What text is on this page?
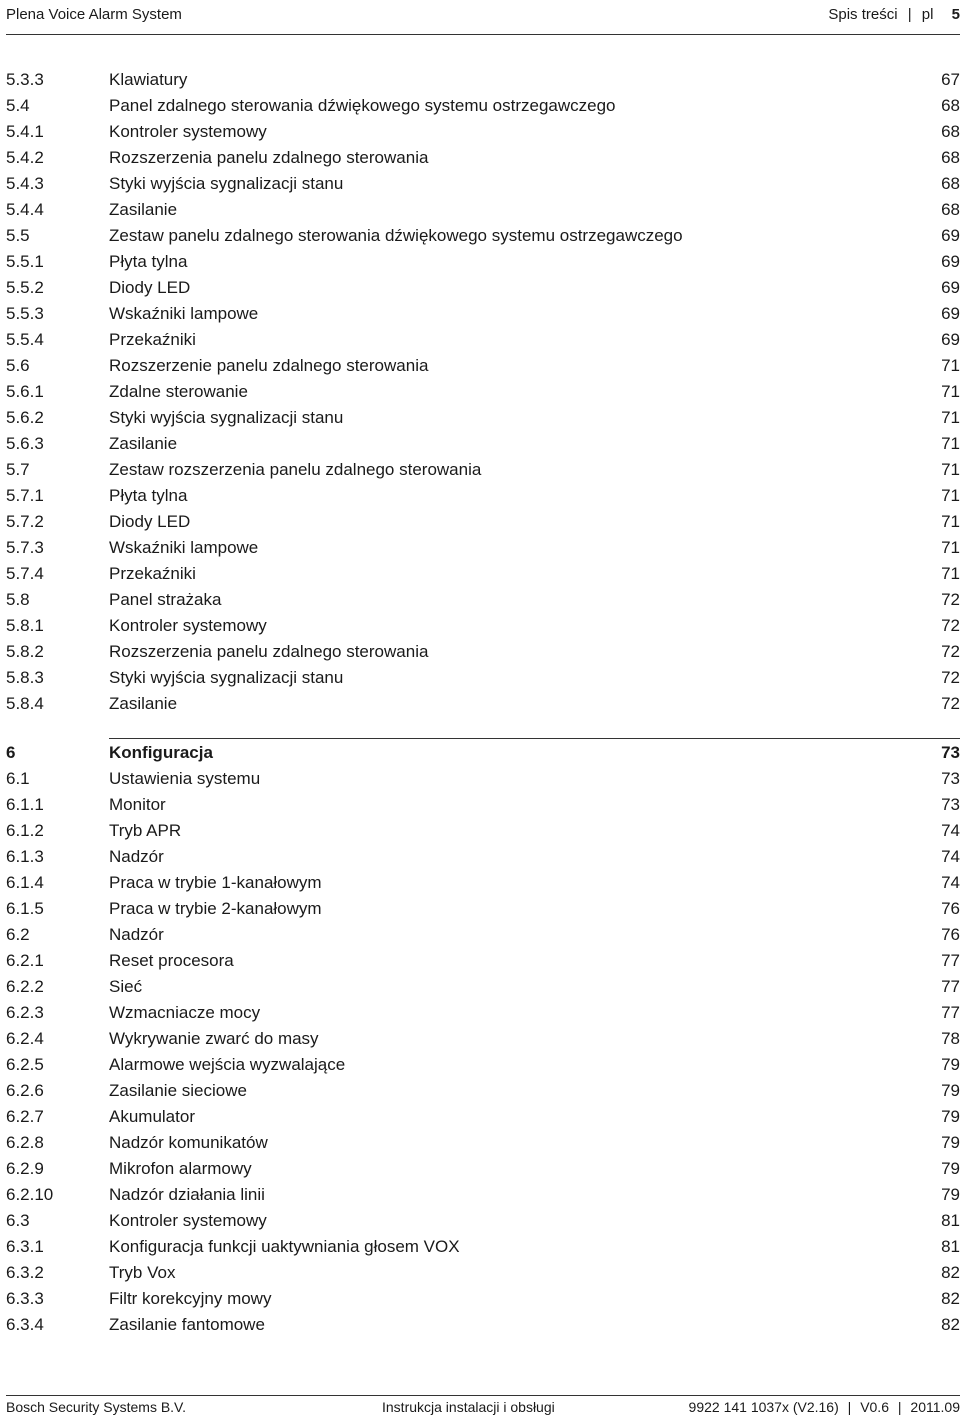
Plena Voice Alarm System	Spis treści | pl 5
5.3.3	Klawiatury	67
5.4	Panel zdalnego sterowania dźwiękowego systemu ostrzegawczego	68
5.4.1	Kontroler systemowy	68
5.4.2	Rozszerzenia panelu zdalnego sterowania	68
5.4.3	Styki wyjścia sygnalizacji stanu	68
5.4.4	Zasilanie	68
5.5	Zestaw panelu zdalnego sterowania dźwiękowego systemu ostrzegawczego	69
5.5.1	Płyta tylna	69
5.5.2	Diody LED	69
5.5.3	Wskaźniki lampowe	69
5.5.4	Przekaźniki	69
5.6	Rozszerzenie panelu zdalnego sterowania	71
5.6.1	Zdalne sterowanie	71
5.6.2	Styki wyjścia sygnalizacji stanu	71
5.6.3	Zasilanie	71
5.7	Zestaw rozszerzenia panelu zdalnego sterowania	71
5.7.1	Płyta tylna	71
5.7.2	Diody LED	71
5.7.3	Wskaźniki lampowe	71
5.7.4	Przekaźniki	71
5.8	Panel strażaka	72
5.8.1	Kontroler systemowy	72
5.8.2	Rozszerzenia panelu zdalnego sterowania	72
5.8.3	Styki wyjścia sygnalizacji stanu	72
5.8.4	Zasilanie	72
6	Konfiguracja	73
6.1	Ustawienia systemu	73
6.1.1	Monitor	73
6.1.2	Tryb APR	74
6.1.3	Nadzór	74
6.1.4	Praca w trybie 1-kanałowym	74
6.1.5	Praca w trybie 2-kanałowym	76
6.2	Nadzór	76
6.2.1	Reset procesora	77
6.2.2	Sieć	77
6.2.3	Wzmacniacze mocy	77
6.2.4	Wykrywanie zwarć do masy	78
6.2.5	Alarmowe wejścia wyzwalające	79
6.2.6	Zasilanie sieciowe	79
6.2.7	Akumulator	79
6.2.8	Nadzór komunikatów	79
6.2.9	Mikrofon alarmowy	79
6.2.10	Nadzór działania linii	79
6.3	Kontroler systemowy	81
6.3.1	Konfiguracja funkcji uaktywniania głosem VOX	81
6.3.2	Tryb Vox	82
6.3.3	Filtr korekcyjny mowy	82
6.3.4	Zasilanie fantomowe	82
Bosch Security Systems B.V.	Instrukcja instalacji i obsługi	9922 141 1037x (V2.16) | V0.6 | 2011.09
